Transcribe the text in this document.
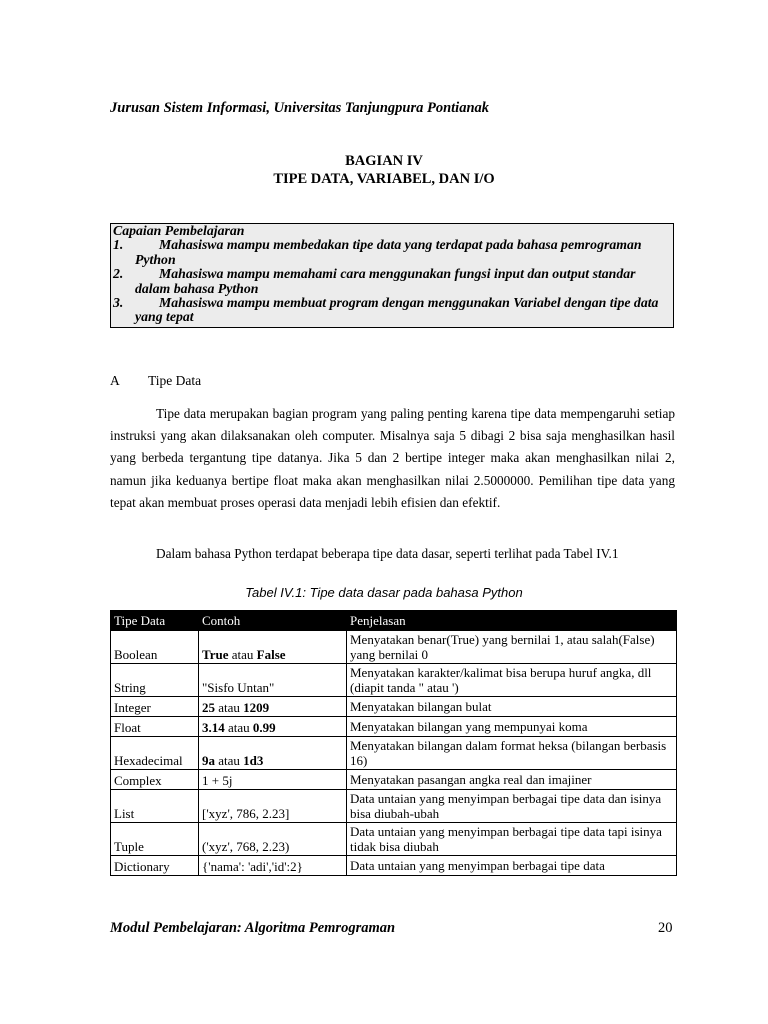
Jurusan Sistem Informasi, Universitas Tanjungpura Pontianak
BAGIAN IV
TIPE DATA, VARIABEL, DAN I/O
Capaian Pembelajaran
1.	Mahasiswa mampu membedakan tipe data yang terdapat pada bahasa pemrograman
Python
2.	Mahasiswa mampu memahami cara menggunakan fungsi input dan output standar
dalam bahasa Python
3.	Mahasiswa mampu membuat program dengan menggunakan Variabel dengan tipe data
yang tepat
A Tipe Data
Tipe data merupakan bagian program yang paling penting karena tipe data mempengaruhi setiap instruksi yang akan dilaksanakan oleh computer. Misalnya saja 5 dibagi 2 bisa saja menghasilkan hasil yang berbeda tergantung tipe datanya. Jika 5 dan 2 bertipe integer maka akan menghasilkan nilai 2, namun jika keduanya bertipe float maka akan menghasilkan nilai 2.5000000. Pemilihan tipe data yang tepat akan membuat proses operasi data menjadi lebih efisien dan efektif.
Dalam bahasa Python terdapat beberapa tipe data dasar, seperti terlihat pada Tabel IV.1
Tabel IV.1: Tipe data dasar pada bahasa Python
Tipe Data	Contoh	Penjelasan
Boolean	True atau False	Menyatakan benar(True) yang bernilai 1, atau salah(False) yang bernilai 0
String	"Sisfo Untan"	Menyatakan karakter/kalimat bisa berupa huruf angka, dll (diapit tanda " atau ')
Integer	25 atau 1209	Menyatakan bilangan bulat
Float	3.14 atau 0.99	Menyatakan bilangan yang mempunyai koma
Hexadecimal	9a atau 1d3	Menyatakan bilangan dalam format heksa (bilangan berbasis 16)
Complex	1 + 5j	Menyatakan pasangan angka real dan imajiner
List	['xyz', 786, 2.23]	Data untaian yang menyimpan berbagai tipe data dan isinya bisa diubah-ubah
Tuple	('xyz', 768, 2.23)	Data untaian yang menyimpan berbagai tipe data tapi isinya tidak bisa diubah
Dictionary	{'nama': 'adi','id':2}	Data untaian yang menyimpan berbagai tipe data
Modul Pembelajaran: Algoritma Pemrograman	20
